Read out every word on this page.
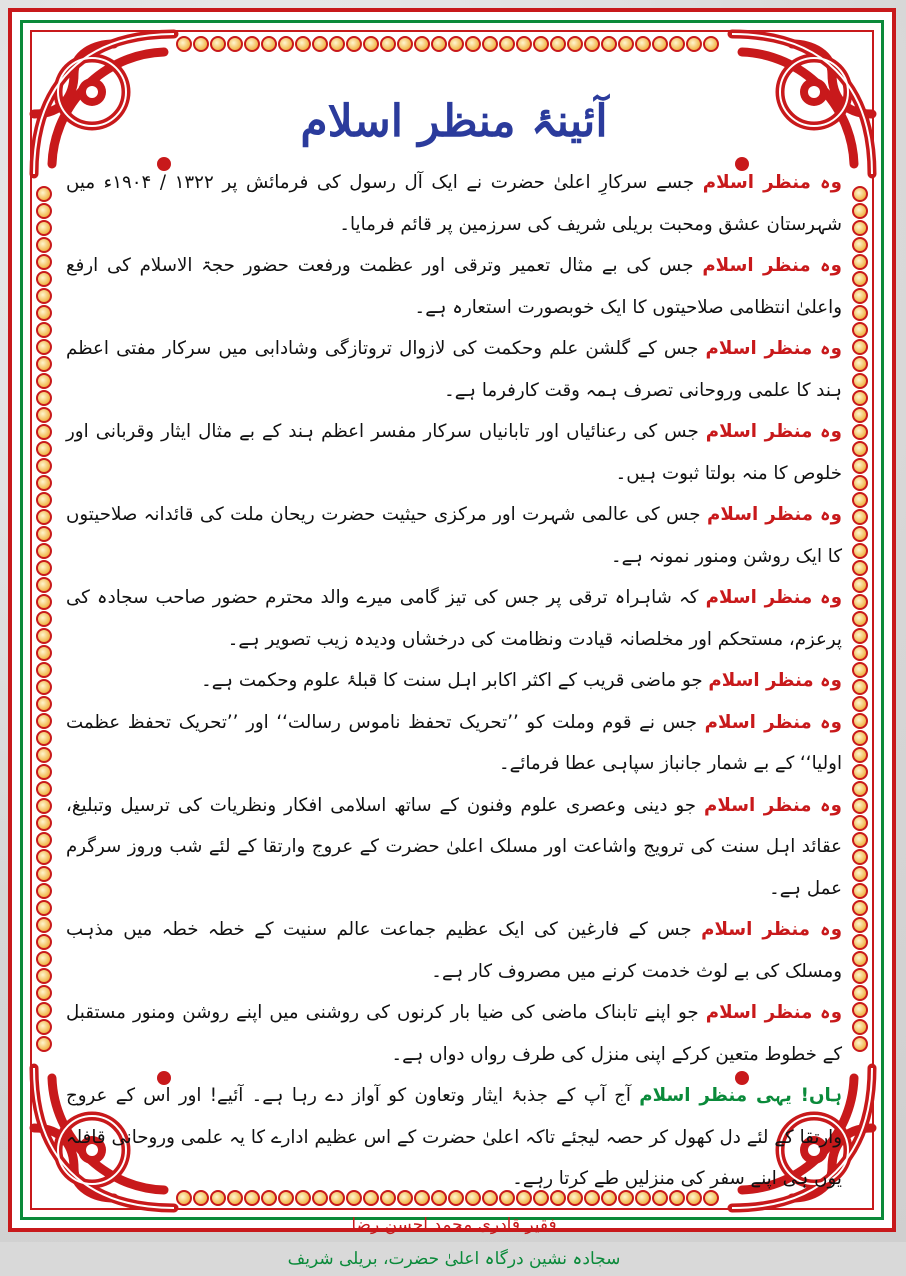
آئینۂ منظر اسلام

وہ منظر اسلام جسے سرکارِ اعلیٰ حضرت نے ایک آل رسول کی فرمائش پر ۱۳۲۲ / ۱۹۰۴ء میں شہرستان عشق ومحبت بریلی شریف کی سرزمین پر قائم فرمایا۔

وہ منظر اسلام جس کی بے مثال تعمیر وترقی اور عظمت ورفعت حضور حجۃ الاسلام کی ارفع واعلیٰ انتظامی صلاحیتوں کا ایک خوبصورت استعارہ ہے۔

وہ منظر اسلام جس کے گلشن علم وحکمت کی لازوال تروتازگی وشادابی میں سرکار مفتی اعظم ہند کا علمی وروحانی تصرف ہمہ وقت کارفرما ہے۔

وہ منظر اسلام جس کی رعنائیاں اور تابانیاں سرکار مفسر اعظم ہند کے بے مثال ایثار وقربانی اور خلوص کا منہ بولتا ثبوت ہیں۔

وہ منظر اسلام جس کی عالمی شہرت اور مرکزی حیثیت حضرت ریحان ملت کی قائدانہ صلاحیتوں کا ایک روشن ومنور نمونہ ہے۔

وہ منظر اسلام کہ شاہراہ ترقی پر جس کی تیز گامی میرے والد محترم حضور صاحب سجادہ کی پرعزم، مستحکم اور مخلصانہ قیادت ونظامت کی درخشاں ودیدہ زیب تصویر ہے۔

وہ منظر اسلام جو ماضی قریب کے اکثر اکابر اہل سنت کا قبلۂ علوم وحکمت ہے۔

وہ منظر اسلام جس نے قوم وملت کو ’’تحریک تحفظ ناموس رسالت‘‘ اور ’’تحریک تحفظ عظمت اولیا‘‘ کے بے شمار جانباز سپاہی عطا فرمائے۔

وہ منظر اسلام جو دینی وعصری علوم وفنون کے ساتھ اسلامی افکار ونظریات کی ترسیل وتبلیغ، عقائد اہل سنت کی ترویج واشاعت اور مسلک اعلیٰ حضرت کے عروج وارتقا کے لئے شب وروز سرگرم عمل ہے۔

وہ منظر اسلام جس کے فارغین کی ایک عظیم جماعت عالم سنیت کے خطہ خطہ میں مذہب ومسلک کی بے لوث خدمت کرنے میں مصروف کار ہے۔

وہ منظر اسلام جو اپنے تابناک ماضی کی ضیا بار کرنوں کی روشنی میں اپنے روشن ومنور مستقبل کے خطوط متعین کرکے اپنی منزل کی طرف رواں دواں ہے۔

ہاں! یہی منظر اسلام آج آپ کے جذبۂ ایثار وتعاون کو آواز دے رہا ہے۔ آئیے! اور اس کے عروج وارتقا کے لئے دل کھول کر حصہ لیجئے تاکہ اعلیٰ حضرت کے اس عظیم ادارے کا یہ علمی وروحانی قافلہ یوں ہی اپنے سفر کی منزلیں طے کرتا رہے۔

فقیر قادری محمد احسن رضا

سجادہ نشین درگاہ اعلیٰ حضرت، بریلی شریف
